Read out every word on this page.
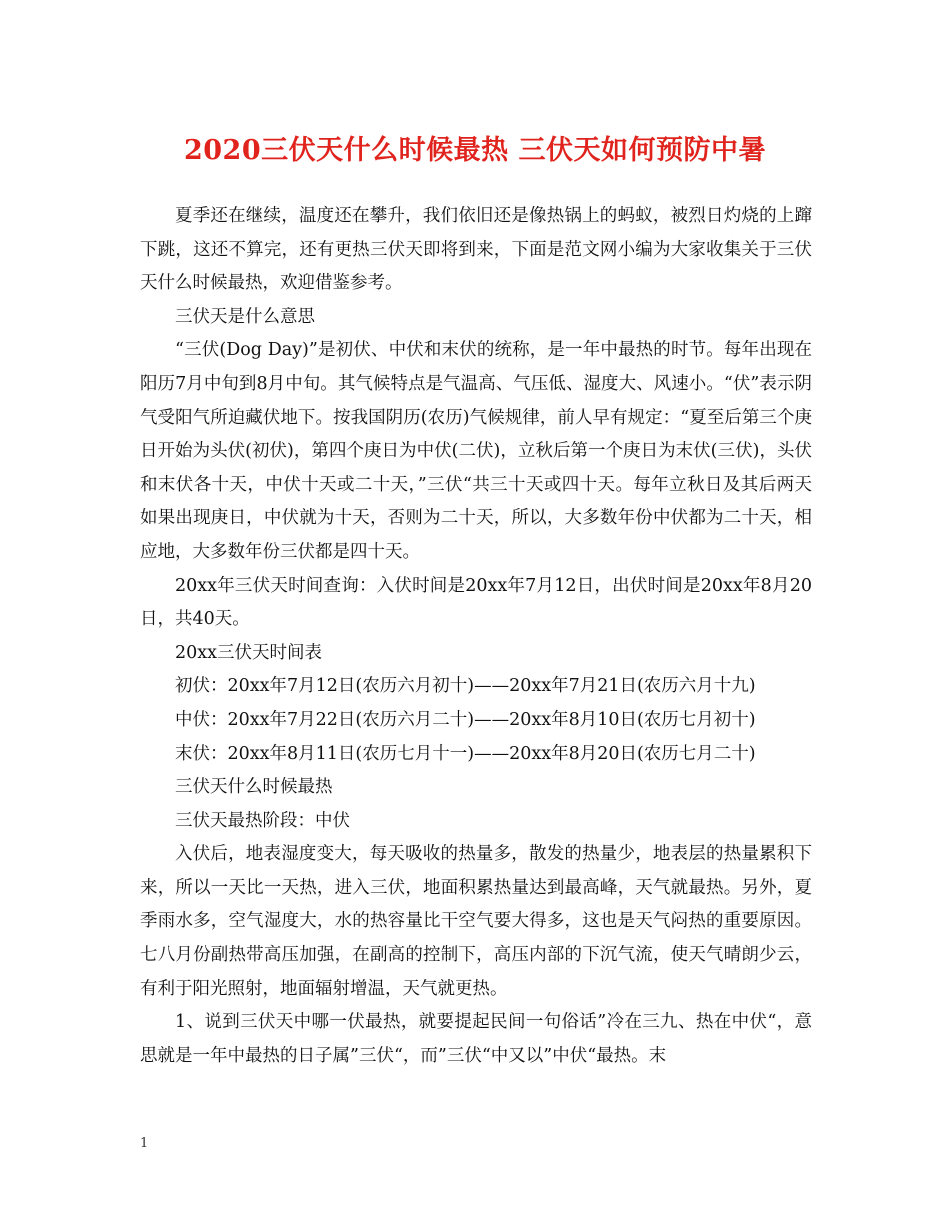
2020三伏天什么时候最热 三伏天如何预防中暑

夏季还在继续，温度还在攀升，我们依旧还是像热锅上的蚂蚁，被烈日灼烧的上蹿下跳，这还不算完，还有更热三伏天即将到来，下面是范文网小编为大家收集关于三伏天什么时候最热，欢迎借鉴参考。

三伏天是什么意思

“三伏(Dog Day)”是初伏、中伏和末伏的统称，是一年中最热的时节。每年出现在阳历7月中旬到8月中旬。其气候特点是气温高、气压低、湿度大、风速小。“伏”表示阴气受阳气所迫藏伏地下。按我国阴历(农历)气候规律，前人早有规定：“夏至后第三个庚日开始为头伏(初伏)，第四个庚日为中伏(二伏)，立秋后第一个庚日为末伏(三伏)，头伏和末伏各十天，中伏十天或二十天，”三伏“共三十天或四十天。每年立秋日及其后两天如果出现庚日，中伏就为十天，否则为二十天，所以，大多数年份中伏都为二十天，相应地，大多数年份三伏都是四十天。

20xx年三伏天时间查询：入伏时间是20xx年7月12日，出伏时间是20xx年8月20日，共40天。

20xx三伏天时间表

初伏：20xx年7月12日(农历六月初十)——20xx年7月21日(农历六月十九)

中伏：20xx年7月22日(农历六月二十)——20xx年8月10日(农历七月初十)

末伏：20xx年8月11日(农历七月十一)——20xx年8月20日(农历七月二十)

三伏天什么时候最热

三伏天最热阶段：中伏

入伏后，地表湿度变大，每天吸收的热量多，散发的热量少，地表层的热量累积下来，所以一天比一天热，进入三伏，地面积累热量达到最高峰，天气就最热。另外，夏季雨水多，空气湿度大，水的热容量比干空气要大得多，这也是天气闷热的重要原因。七八月份副热带高压加强，在副高的控制下，高压内部的下沉气流，使天气晴朗少云，有利于阳光照射，地面辐射增温，天气就更热。

1、说到三伏天中哪一伏最热，就要提起民间一句俗话”冷在三九、热在中伏“，意思就是一年中最热的日子属”三伏“，而”三伏“中又以”中伏“最热。末

1
